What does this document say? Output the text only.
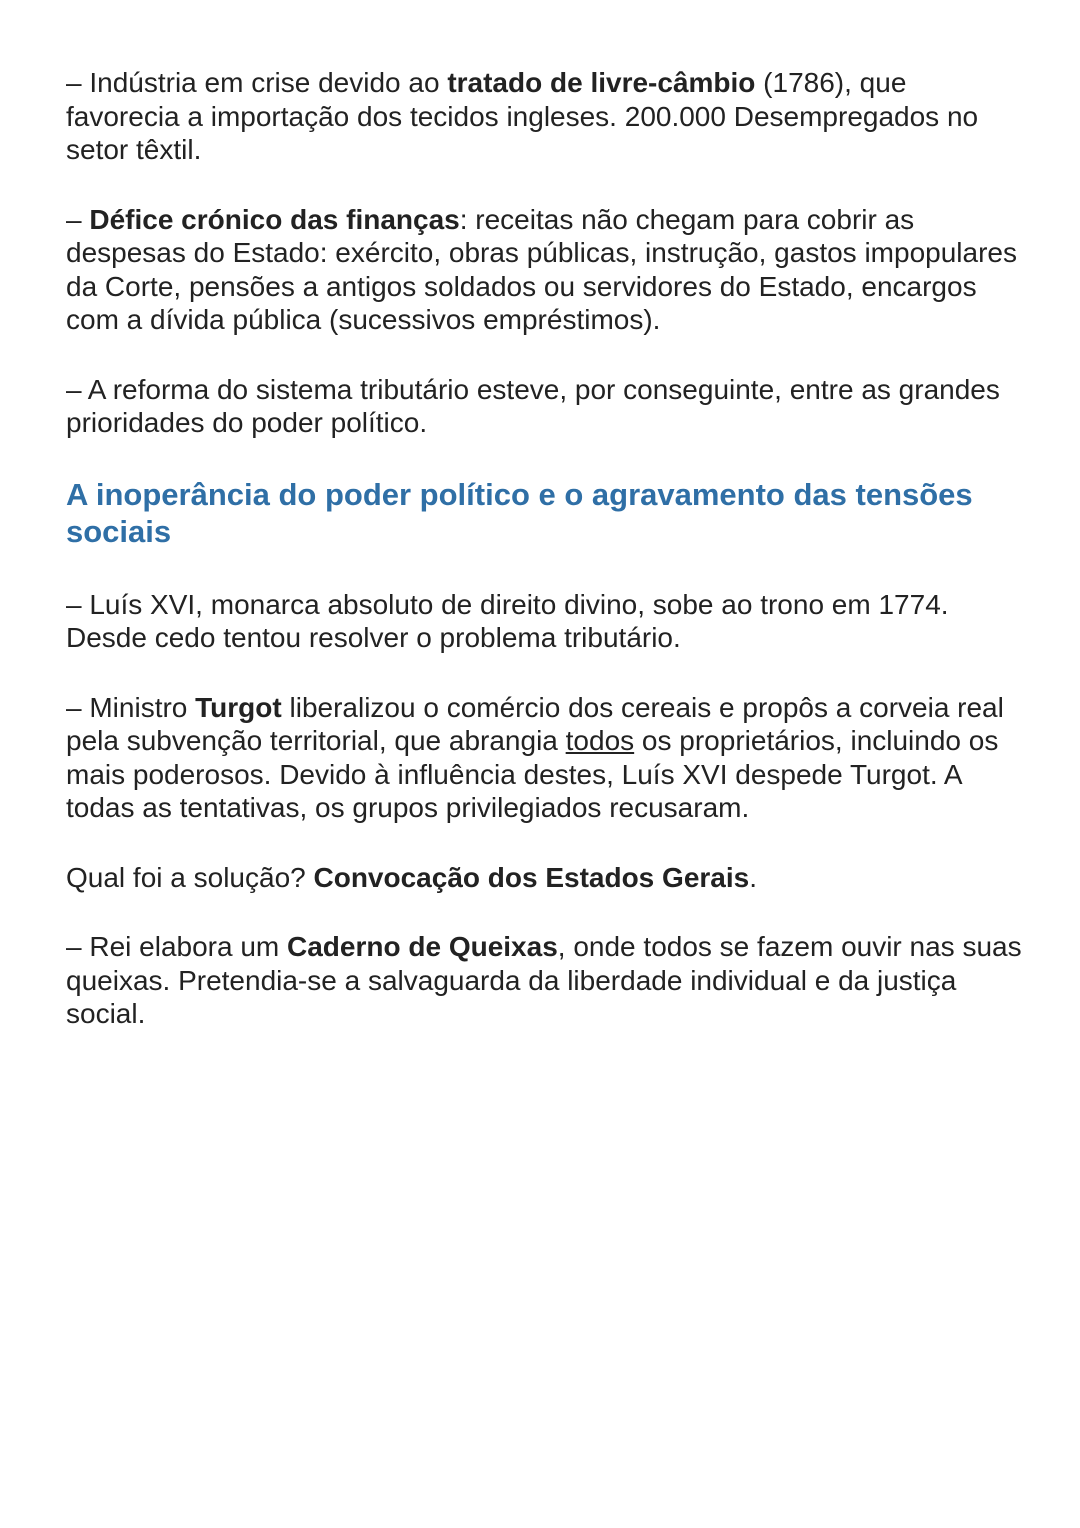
– Indústria em crise devido ao tratado de livre-câmbio (1786), que favorecia a importação dos tecidos ingleses. 200.000 Desempregados no setor têxtil.

– Défice crónico das finanças: receitas não chegam para cobrir as despesas do Estado: exército, obras públicas, instrução, gastos impopulares da Corte, pensões a antigos soldados ou servidores do Estado, encargos com a dívida pública (sucessivos empréstimos).

– A reforma do sistema tributário esteve, por conseguinte, entre as grandes prioridades do poder político.

A inoperância do poder político e o agravamento das tensões sociais

– Luís XVI, monarca absoluto de direito divino, sobe ao trono em 1774. Desde cedo tentou resolver o problema tributário.

– Ministro Turgot liberalizou o comércio dos cereais e propôs a corveia real pela subvenção territorial, que abrangia todos os proprietários, incluindo os mais poderosos. Devido à influência destes, Luís XVI despede Turgot. A todas as tentativas, os grupos privilegiados recusaram.

Qual foi a solução? Convocação dos Estados Gerais.

– Rei elabora um Caderno de Queixas, onde todos se fazem ouvir nas suas queixas. Pretendia-se a salvaguarda da liberdade individual e da justiça social.
